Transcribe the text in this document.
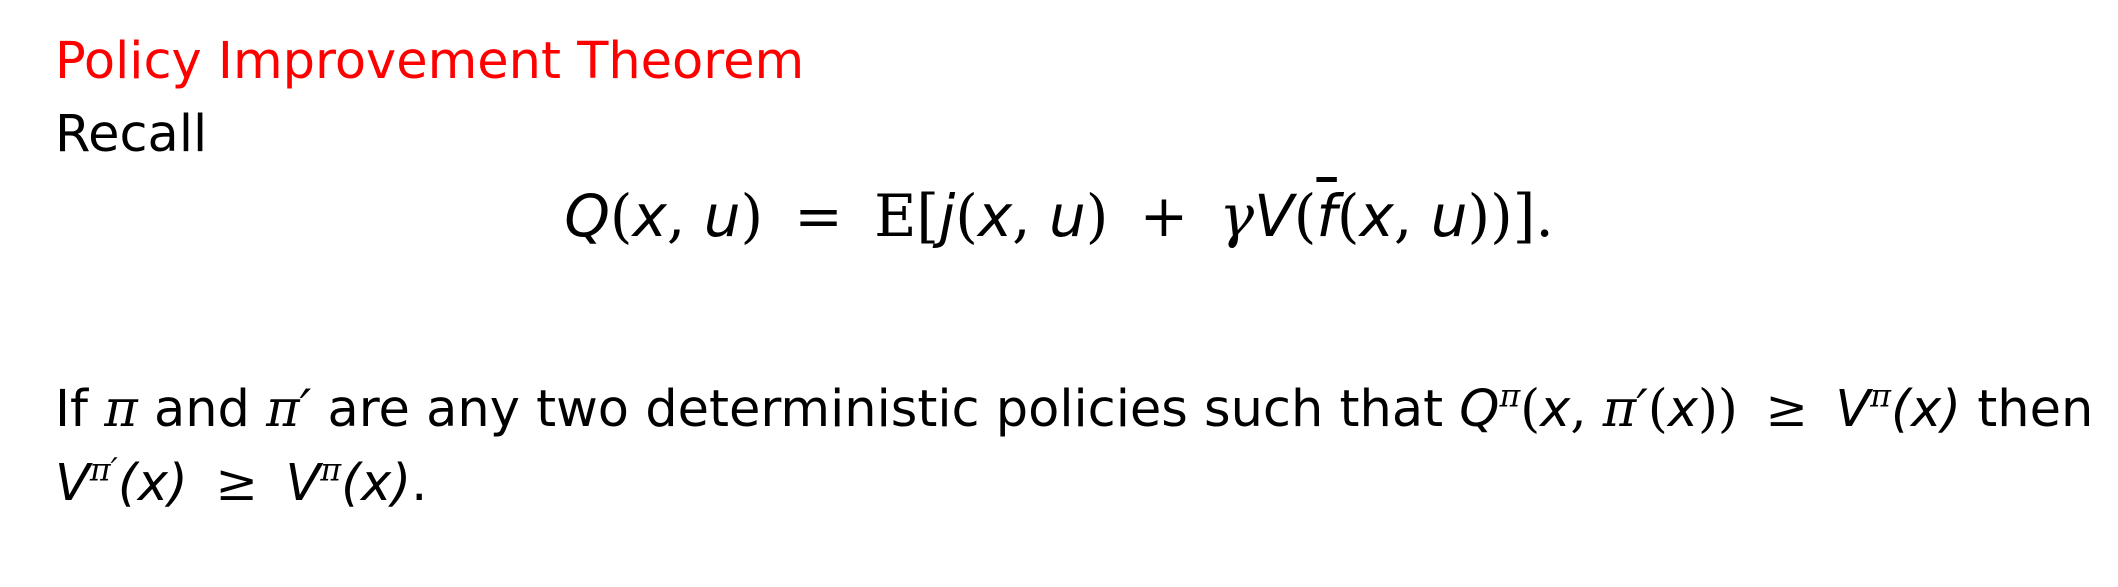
Policy Improvement Theorem
Recall
Q(x, u) = E[j(x, $u) + \gamma V(\overline{f}(x$, u))].
If π and π′ are any two deterministic policies such that $Q^\pi(x$, $\pi'(x)) \ge V^\pi(x)$ then
$V^{\pi'}(x) \ge V^\pi(x)$.
